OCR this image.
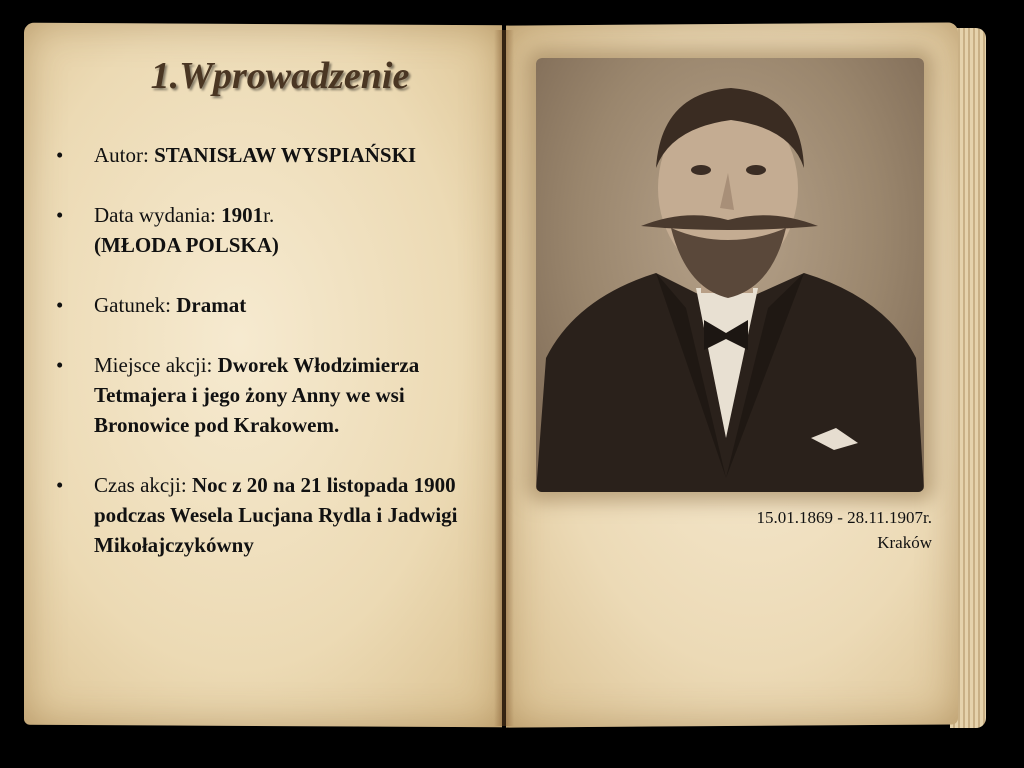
1.Wprowadzenie
• Autor: STANISŁAW WYSPIAŃSKI
• Data wydania: 1901r.
(MŁODA POLSKA)
• Gatunek: Dramat
• Miejsce akcji: Dworek Włodzimierza Tetmajera i jego żony Anny we wsi Bronowice pod Krakowem.
• Czas akcji: Noc z 20 na 21 listopada 1900 podczas Wesela Lucjana Rydla i Jadwigi Mikołajczykówny
15.01.1869 - 28.11.1907r.
Kraków
